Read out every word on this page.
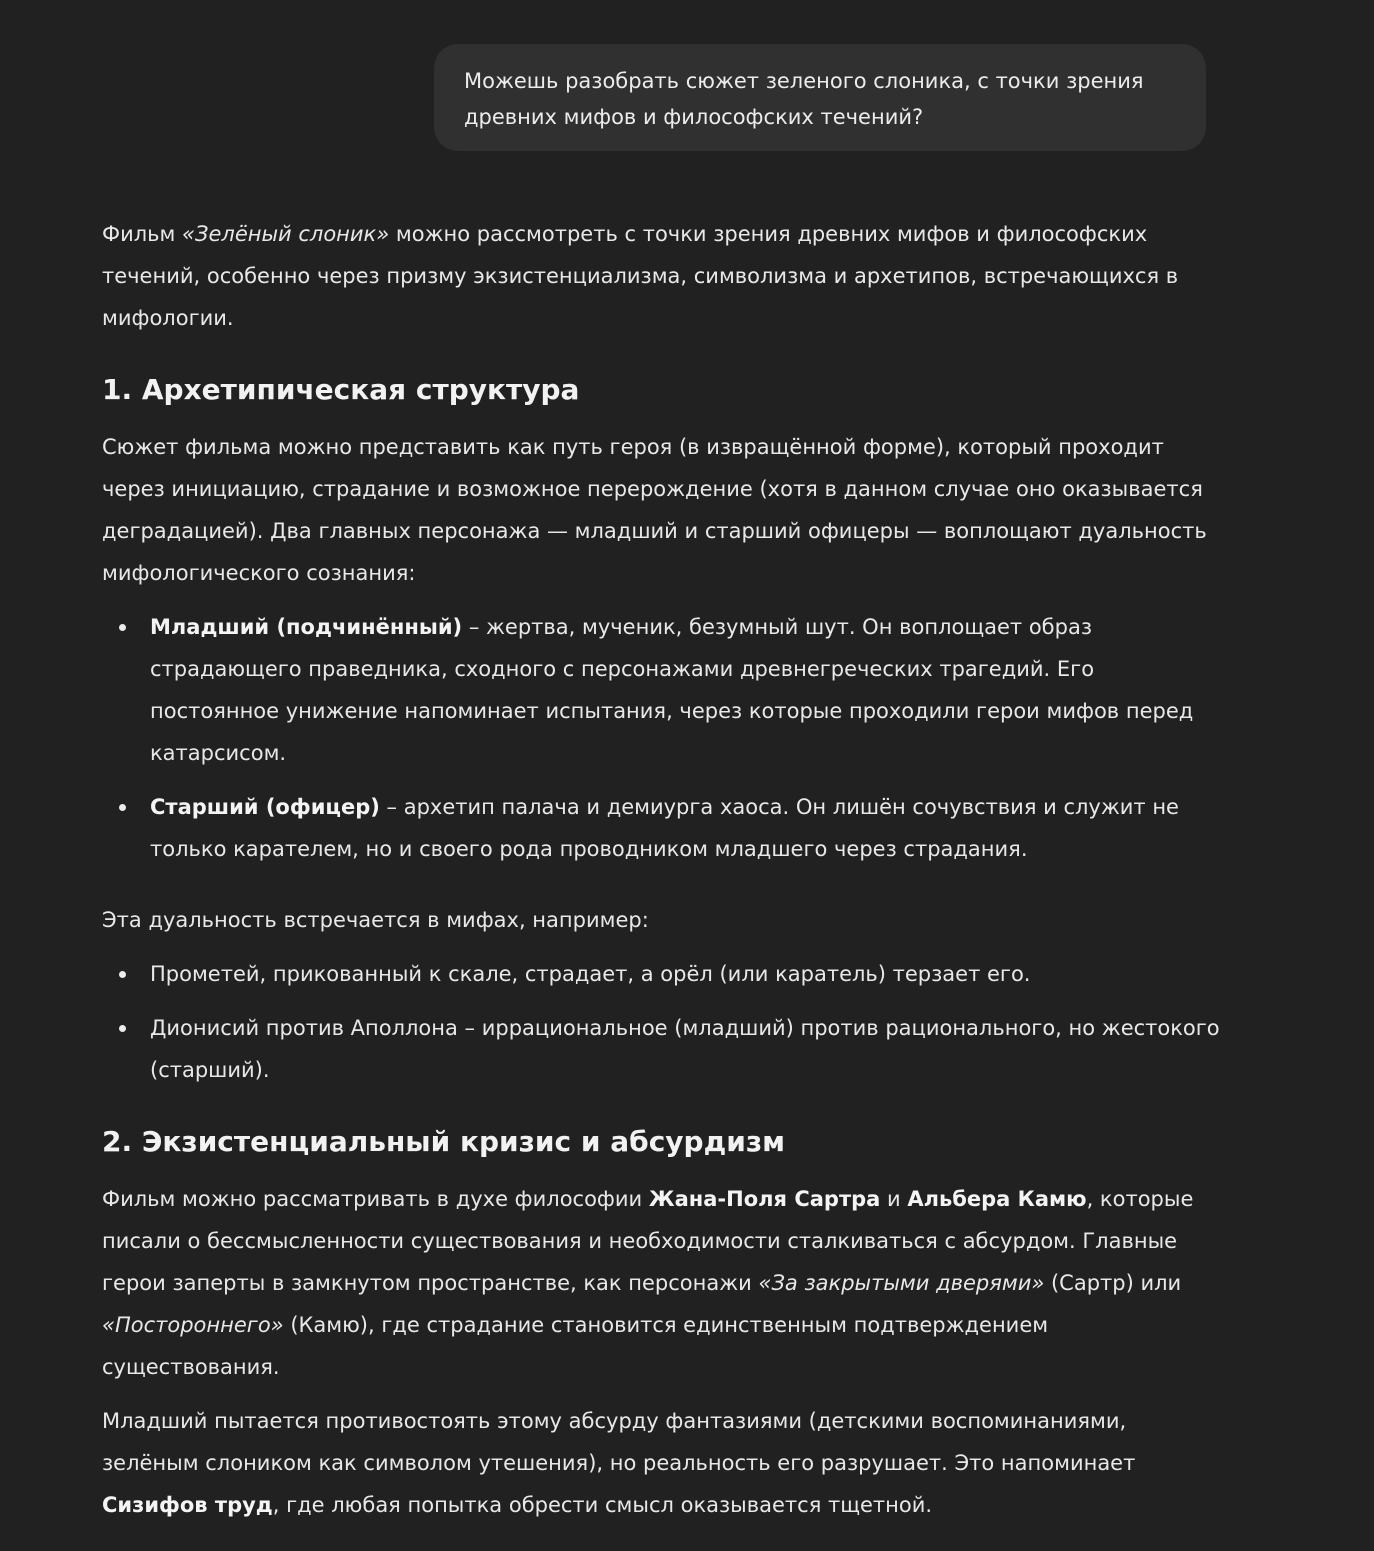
Можешь разобрать сюжет зеленого слоника, с точки зрения древних мифов и философских течений?

Фильм «Зелёный слоник» можно рассмотреть с точки зрения древних мифов и философских течений, особенно через призму экзистенциализма, символизма и архетипов, встречающихся в мифологии.

1. Архетипическая структура

Сюжет фильма можно представить как путь героя (в извращённой форме), который проходит через инициацию, страдание и возможное перерождение (хотя в данном случае оно оказывается деградацией). Два главных персонажа — младший и старший офицеры — воплощают дуальность мифологического сознания:

Младший (подчинённый) – жертва, мученик, безумный шут. Он воплощает образ страдающего праведника, сходного с персонажами древнегреческих трагедий. Его постоянное унижение напоминает испытания, через которые проходили герои мифов перед катарсисом.
Старший (офицер) – архетип палача и демиурга хаоса. Он лишён сочувствия и служит не только карателем, но и своего рода проводником младшего через страдания.

Эта дуальность встречается в мифах, например:

Прометей, прикованный к скале, страдает, а орёл (или каратель) терзает его.
Дионисий против Аполлона – иррациональное (младший) против рационального, но жестокого (старший).
2. Экзистенциальный кризис и абсурдизм

Фильм можно рассматривать в духе философии Жана-Поля Сартра и Альбера Камю, которые писали о бессмысленности существования и необходимости сталкиваться с абсурдом. Главные герои заперты в замкнутом пространстве, как персонажи «За закрытыми дверями» (Сартр) или «Постороннего» (Камю), где страдание становится единственным подтверждением существования.

Младший пытается противостоять этому абсурду фантазиями (детскими воспоминаниями, зелёным слоником как символом утешения), но реальность его разрушает. Это напоминает Сизифов труд, где любая попытка обрести смысл оказывается тщетной.
